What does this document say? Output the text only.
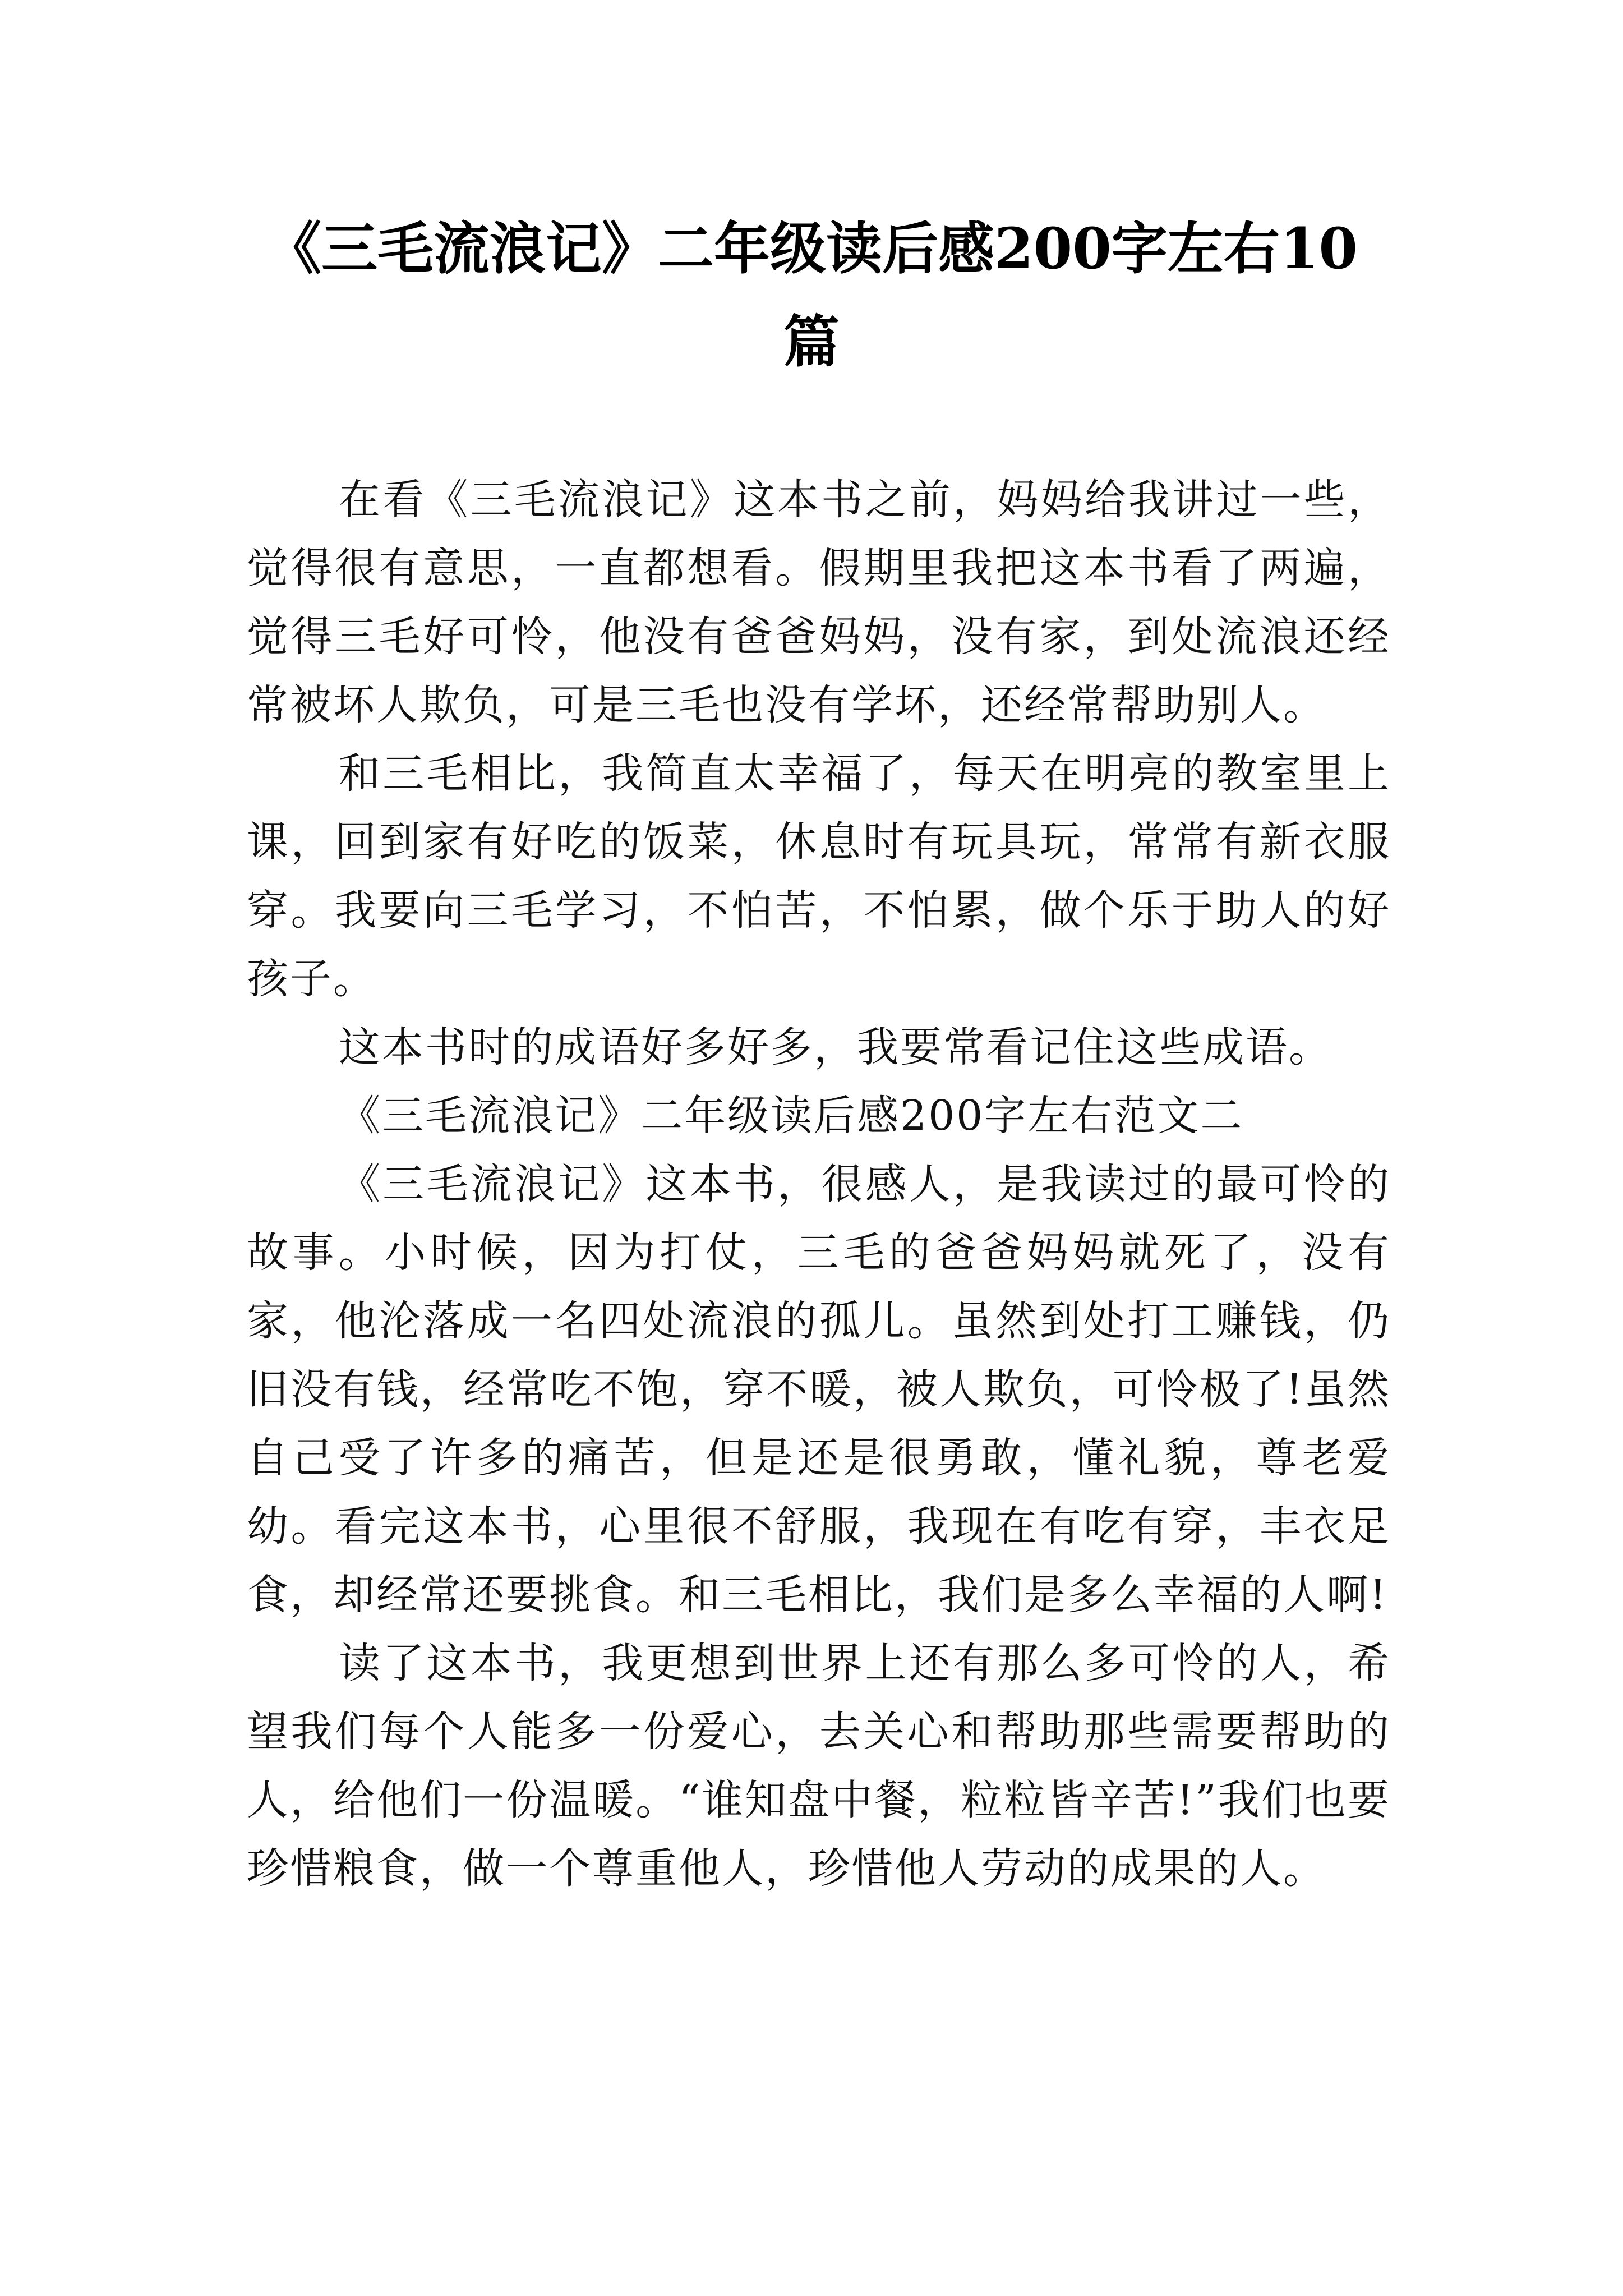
《三毛流浪记》二年级读后感200字左右10
篇

在看《三毛流浪记》这本书之前，妈妈给我讲过一些，觉得很有意思，一直都想看。假期里我把这本书看了两遍，觉得三毛好可怜，他没有爸爸妈妈，没有家，到处流浪还经常被坏人欺负，可是三毛也没有学坏，还经常帮助别人。

和三毛相比，我简直太幸福了，每天在明亮的教室里上课，回到家有好吃的饭菜，休息时有玩具玩，常常有新衣服穿。我要向三毛学习，不怕苦，不怕累，做个乐于助人的好孩子。

这本书时的成语好多好多，我要常看记住这些成语。

《三毛流浪记》二年级读后感200字左右范文二

《三毛流浪记》这本书，很感人，是我读过的最可怜的故事。小时候，因为打仗，三毛的爸爸妈妈就死了，没有家，他沦落成一名四处流浪的孤儿。虽然到处打工赚钱，仍旧没有钱，经常吃不饱，穿不暖，被人欺负，可怜极了!虽然自己受了许多的痛苦，但是还是很勇敢，懂礼貌，尊老爱幼。看完这本书，心里很不舒服，我现在有吃有穿，丰衣足食，却经常还要挑食。和三毛相比，我们是多么幸福的人啊!

读了这本书，我更想到世界上还有那么多可怜的人，希望我们每个人能多一份爱心，去关心和帮助那些需要帮助的人，给他们一份温暖。“谁知盘中餐，粒粒皆辛苦!”我们也要珍惜粮食，做一个尊重他人，珍惜他人劳动的成果的人。
